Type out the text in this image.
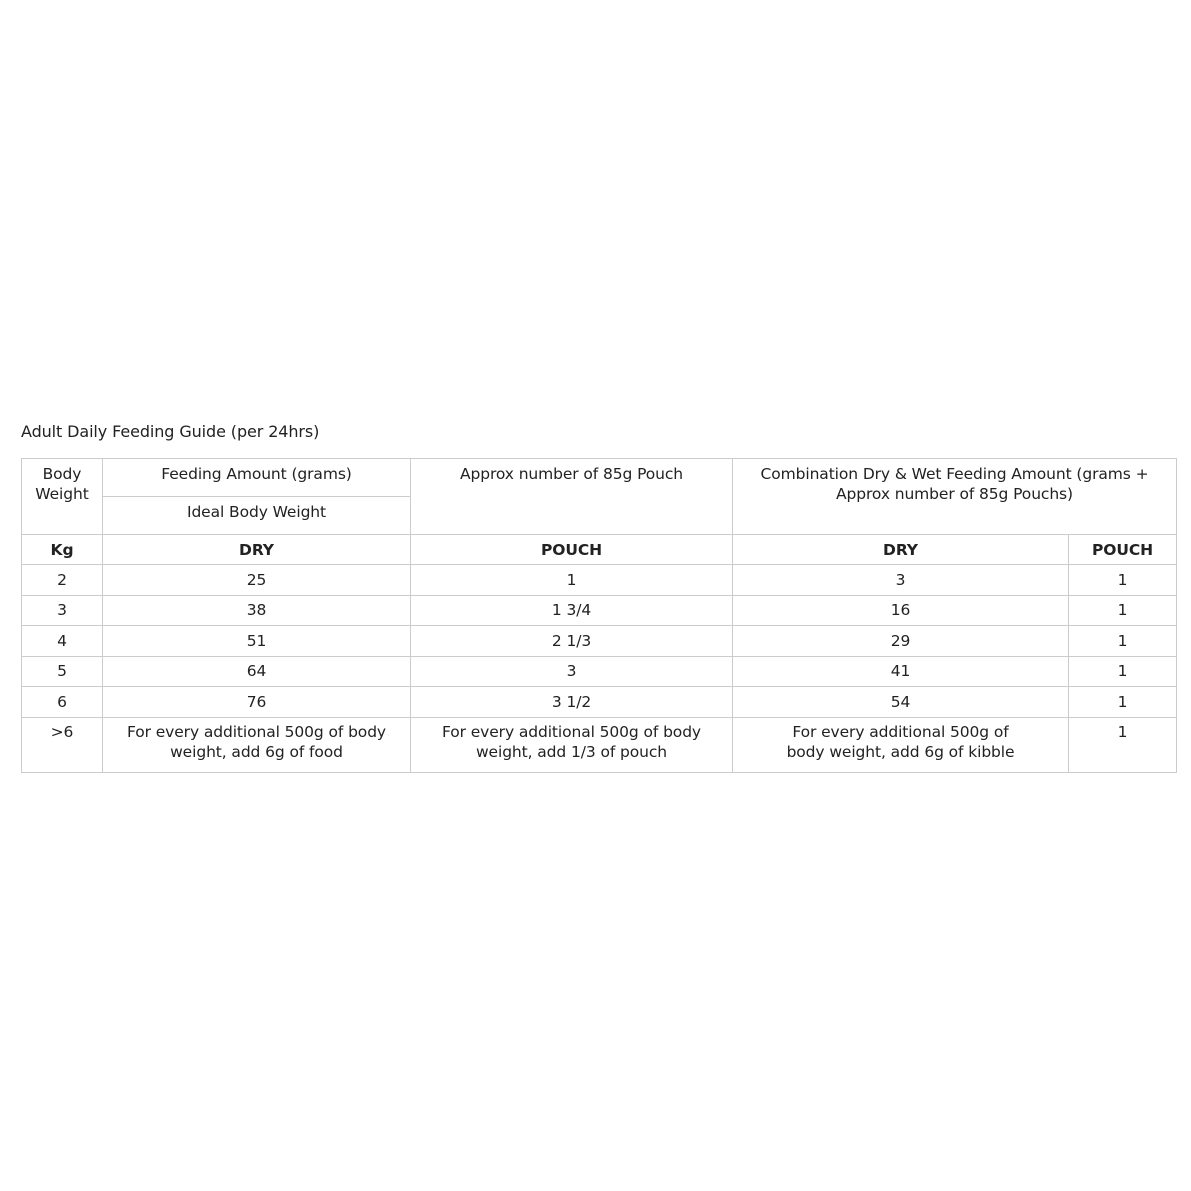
Adult Daily Feeding Guide (per 24hrs)
Body Weight	Feeding Amount (grams)	Approx number of 85g Pouch	Combination Dry & Wet Feeding Amount (grams + Approx number of 85g Pouchs)	
	Ideal Body Weight			
Kg	DRY	POUCH	DRY	POUCH
2	25	1	3	1
3	38	1 3/4	16	1
4	51	2 1/3	29	1
5	64	3	41	1
6	76	3 1/2	54	1
>6	For every additional 500g of body weight, add 6g of food	For every additional 500g of body weight, add 1/3 of pouch	For every additional 500g of body weight, add 6g of kibble	1
